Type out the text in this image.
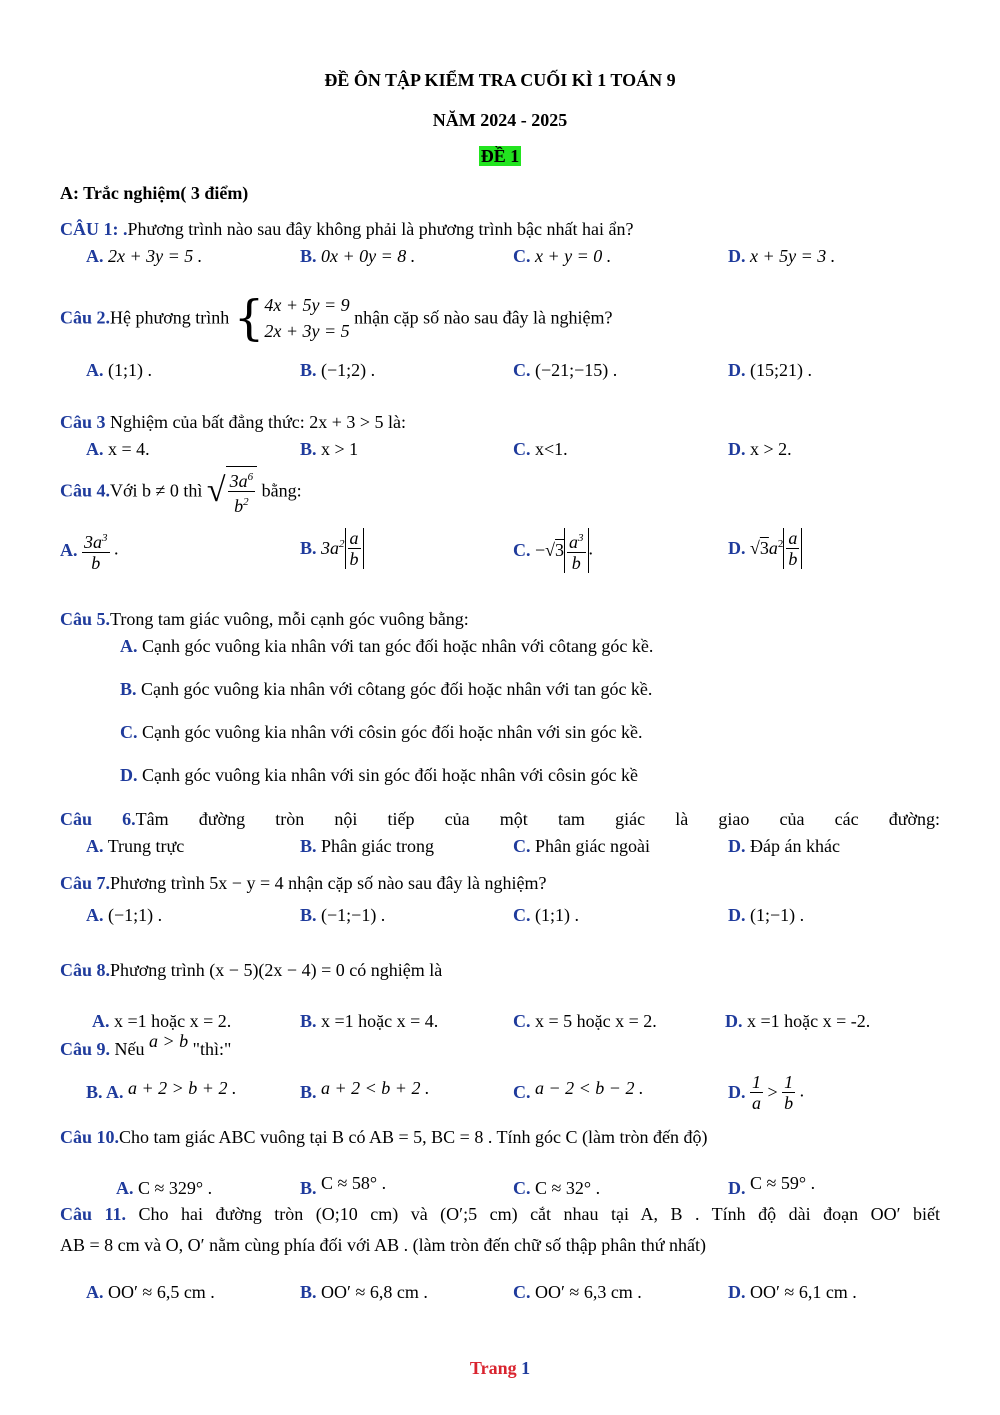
ĐỀ ÔN TẬP KIỂM TRA CUỐI KÌ 1 TOÁN 9
NĂM 2024 - 2025
ĐỀ 1
A: Trắc nghiệm( 3 điểm)
CÂU 1: .Phương trình nào sau đây không phải là phương trình bậc nhất hai ẩn?
A. 2x + 3y = 5 .	B. 0x + 0y = 8 .	C. x + y = 0 .	D. x + 5y = 3 .
Câu 2.Hệ phương trình { 4x + 5y = 9
2x + 3y = 5
nhận cặp số nào sau đây là nghiệm?
A. (1;1) .	B. (−1;2) .	C. (−21;−15) .	D. (15;21) .
Câu 3 Nghiệm của bất đẳng thức: 2x + 3 > 5 là:
A. x = 4.	B. x > 1	C. x<1.	D. x > 2.
Câu 4.Với b ≠ 0 thì √ $\frac{3a^6}{b^2}$ bằng:
A. $\frac{3a^3}{b}$ .	B. $3a^2 \frac{a}{b}$	C. $-√3 \frac{a^3}{b}$ .	D. $√3a^2 \frac{a}{b}$
Câu 5.Trong tam giác vuông, mỗi cạnh góc vuông bằng:
A. Cạnh góc vuông kia nhân với tan góc đối hoặc nhân với côtang góc kề.
B. Cạnh góc vuông kia nhân với côtang góc đối hoặc nhân với tan góc kề.
C. Cạnh góc vuông kia nhân với côsin góc đối hoặc nhân với sin góc kề.
D. Cạnh góc vuông kia nhân với sin góc đối hoặc nhân với côsin góc kề
Câu 6.Tâm đường tròn nội tiếp của một tam giác là giao của các đường:
A. Trung trực	B. Phân giác trong	C. Phân giác ngoài	D. Đáp án khác
Câu 7.Phương trình 5x − y = 4 nhận cặp số nào sau đây là nghiệm?
A. (−1;1) .	B. (−1;−1) .	C. (1;1) .	D. (1;−1) .
Câu 8.Phương trình (x − 5)(2x − 4) = 0 có nghiệm là
A. x =1 hoặc x = 2.	B. x =1 hoặc x = 4.	C. x = 5 hoặc x = 2.	D. x =1 hoặc x = -2.
Câu 9. Nếu a > b "thì:"
B. A. a + 2 > b + 2 .	B. a + 2 < b + 2 .	C. a − 2 < b − 2 .	D. $\frac{1}{a} > \frac{1}{b}$ .
Câu 10.Cho tam giác ABC vuông tại B có AB = 5, BC = 8 . Tính góc C (làm tròn đến độ)
A. C ≈ 329° .	B. C ≈ 58° .	C. C ≈ 32° .	D. C ≈ 59° .
Câu 11. Cho hai đường tròn (O;10 cm) và (O′;5 cm) cắt nhau tại A, B . Tính độ dài đoạn OO′ biết
AB = 8 cm và O, O′ nằm cùng phía đối với AB . (làm tròn đến chữ số thập phân thứ nhất)
A. OO′ ≈ 6,5 cm .	B. OO′ ≈ 6,8 cm .	C. OO′ ≈ 6,3 cm .	D. OO′ ≈ 6,1 cm .
Trang 1
